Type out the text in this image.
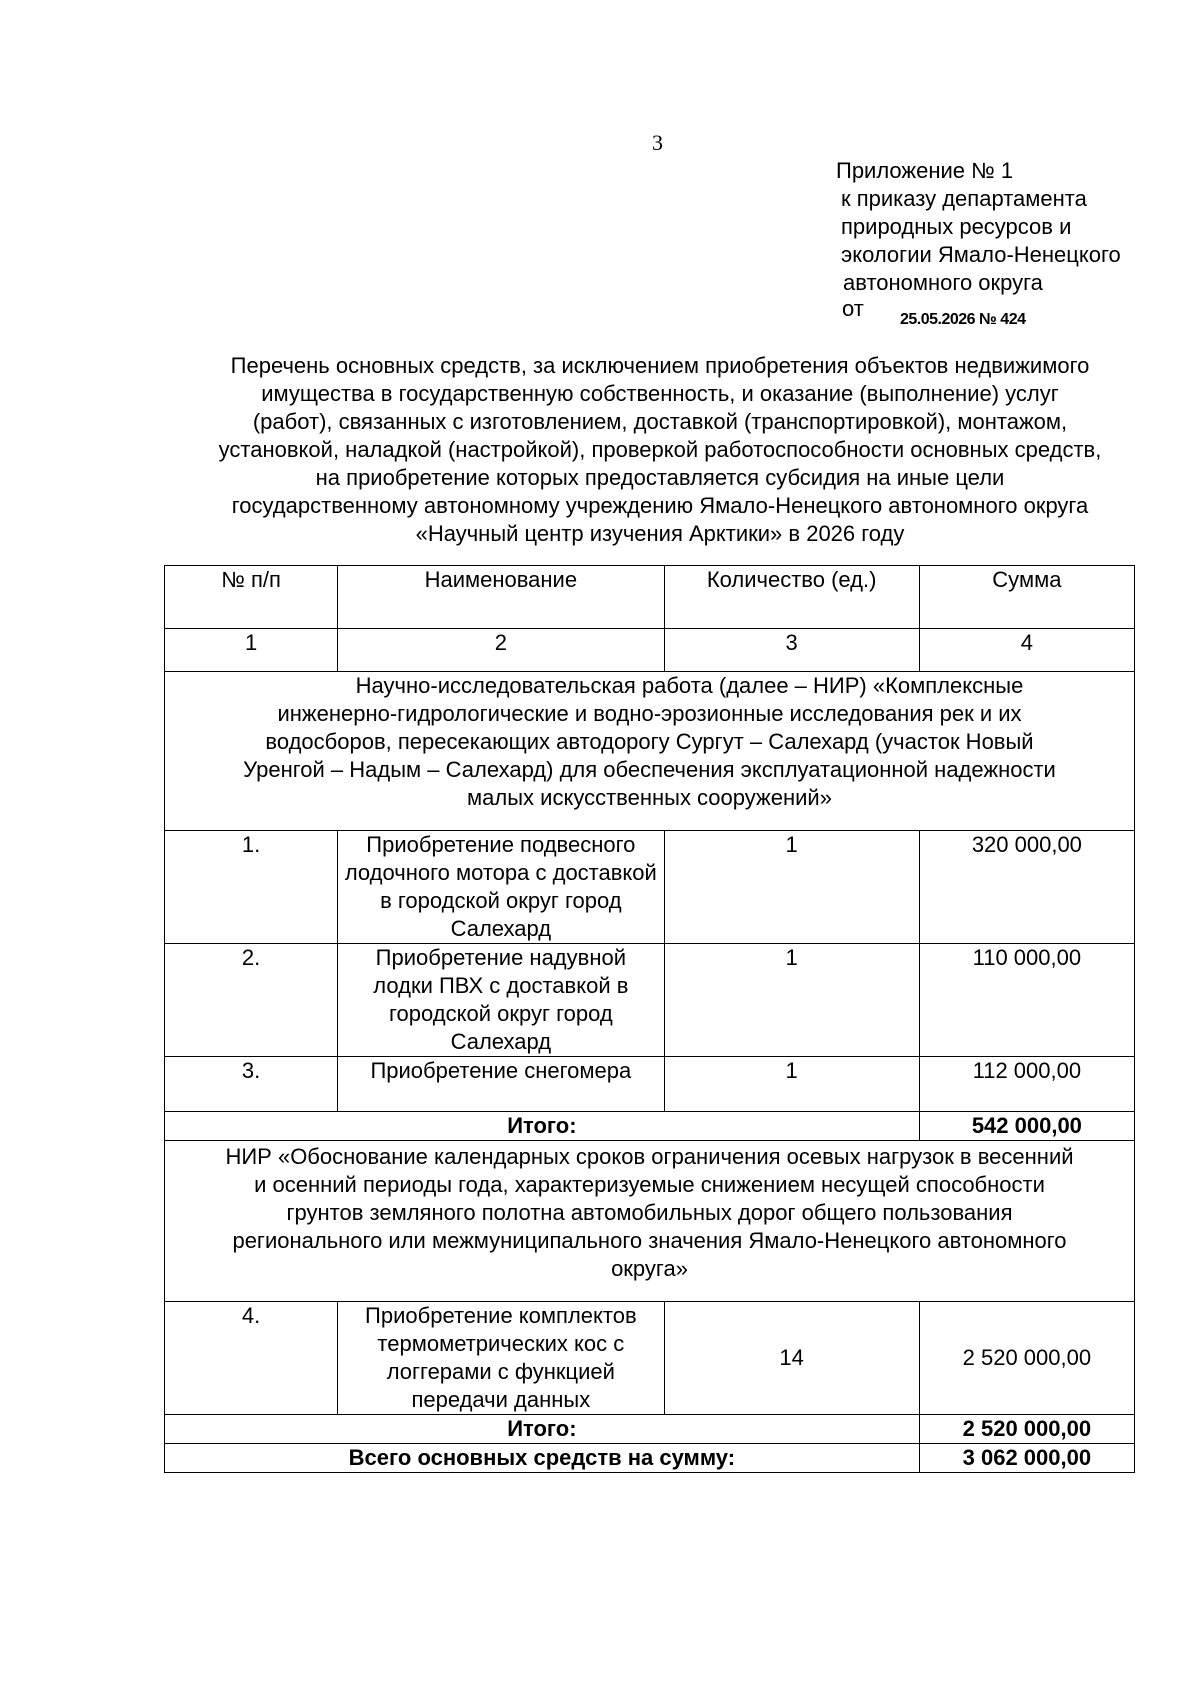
3
Приложение № 1
к приказу департамента
природных ресурсов и
экологии Ямало-Ненецкого
автономного округа
от 25.05.2026 № 424
Перечень основных средств, за исключением приобретения объектов недвижимого
имущества в государственную собственность, и оказание (выполнение) услуг
(работ), связанных с изготовлением, доставкой (транспортировкой), монтажом,
установкой, наладкой (настройкой), проверкой работоспособности основных средств,
на приобретение которых предоставляется субсидия на иные цели
государственному автономному учреждению Ямало-Ненецкого автономного округа
«Научный центр изучения Арктики» в 2026 году
№ п/п	Наименование	Количество (ед.)	Сумма
1	2	3	4

Научно-исследовательская работа (далее – НИР) «Комплексные
инженерно-гидрологические и водно-эрозионные исследования рек и их
водосборов, пересекающих автодорогу Сургут – Салехард (участок Новый
Уренгой – Надым – Салехард) для обеспечения эксплуатационной надежности
малых искусственных сооружений»			

1.	Приобретение подвесного лодочного мотора с доставкой в городской округ город Салехард	1	320 000,00
2.	Приобретение надувной лодки ПВХ с доставкой в городской округ город Салехард	1	110 000,00
3.	Приобретение снегомера	1	112 000,00
Итого:			542 000,00

НИР «Обоснование календарных сроков ограничения осевых нагрузок в весенний
и осенний периоды года, характеризуемые снижением несущей способности
грунтов земляного полотна автомобильных дорог общего пользования
регионального или межмуниципального значения Ямало-Ненецкого автономного
округа»			

4.	Приобретение комплектов термометрических кос с логгерами с функцией передачи данных	14	2 520 000,00
Итого:			2 520 000,00
Всего основных средств на сумму:			3 062 000,00
